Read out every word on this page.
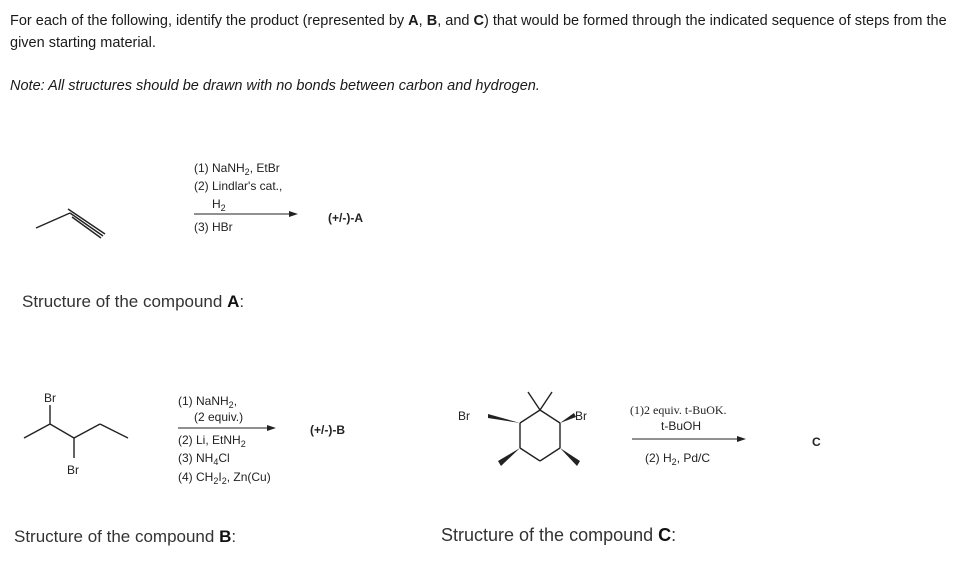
For each of the following, identify the product (represented by A, B, and C) that would be formed through the indicated sequence of steps from the given starting material.
Note: All structures should be drawn with no bonds between carbon and hydrogen.
(1) NaNH$_2$, EtBr
(2) Lindlar's cat.,
$H_2$
(3) HBr
(+/-)-A
Structure of the compound A:
Br
Br
(1) NaNH$_2$,
(2 equiv.)
(2) Li, EtNH$_2$
(3) $NH_4Cl$
(4) $CH_2I_2$, Zn(Cu)
(+/-)-B
Structure of the compound B:
Br	Br	(1)2 equiv. t-BuOK.
t-BuOH
(2) $H_2$, Pd/C
C
Structure of the compound C:
